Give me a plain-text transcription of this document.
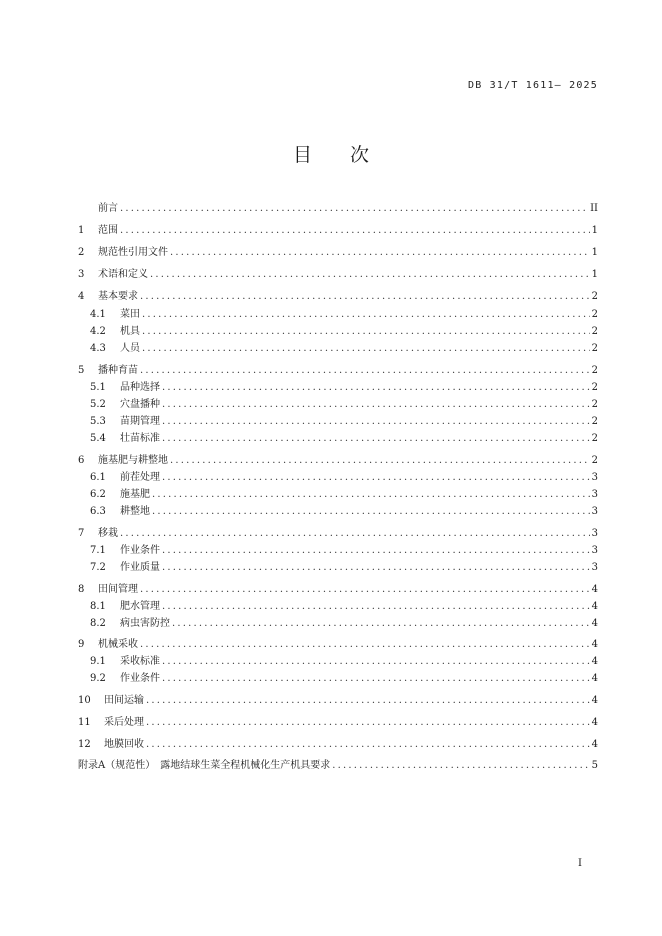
DB 31/T 1611— 2025
目 次
前言 .....	II
1	范围 .....	1
2	规范性引用文件 .....	1
3	术语和定义 .....	1
4	基本要求 .....	2
4.1	菜田 .....	2
4.2	机具 .....	2
4.3	人员 .....	2
5	播种育苗 .....	2
5.1	品种选择 .....	2
5.2	穴盘播种 .....	2
5.3	苗期管理 .....	2
5.4	壮苗标准 .....	2
6	施基肥与耕整地 .....	2
6.1	前茬处理 .....	3
6.2	施基肥 .....	3
6.3	耕整地 .....	3
7	移栽 .....	3
7.1	作业条件 .....	3
7.2	作业质量 .....	3
8	田间管理 .....	4
8.1	肥水管理 .....	4
8.2	病虫害防控 .....	4
9	机械采收 .....	4
9.1	采收标准 .....	4
9.2	作业条件 .....	4
10	田间运输 .....	4
11	采后处理 .....	4
12	地膜回收 .....	4
附录A（规范性）　露地结球生菜全程机械化生产机具要求 .....	5
I
